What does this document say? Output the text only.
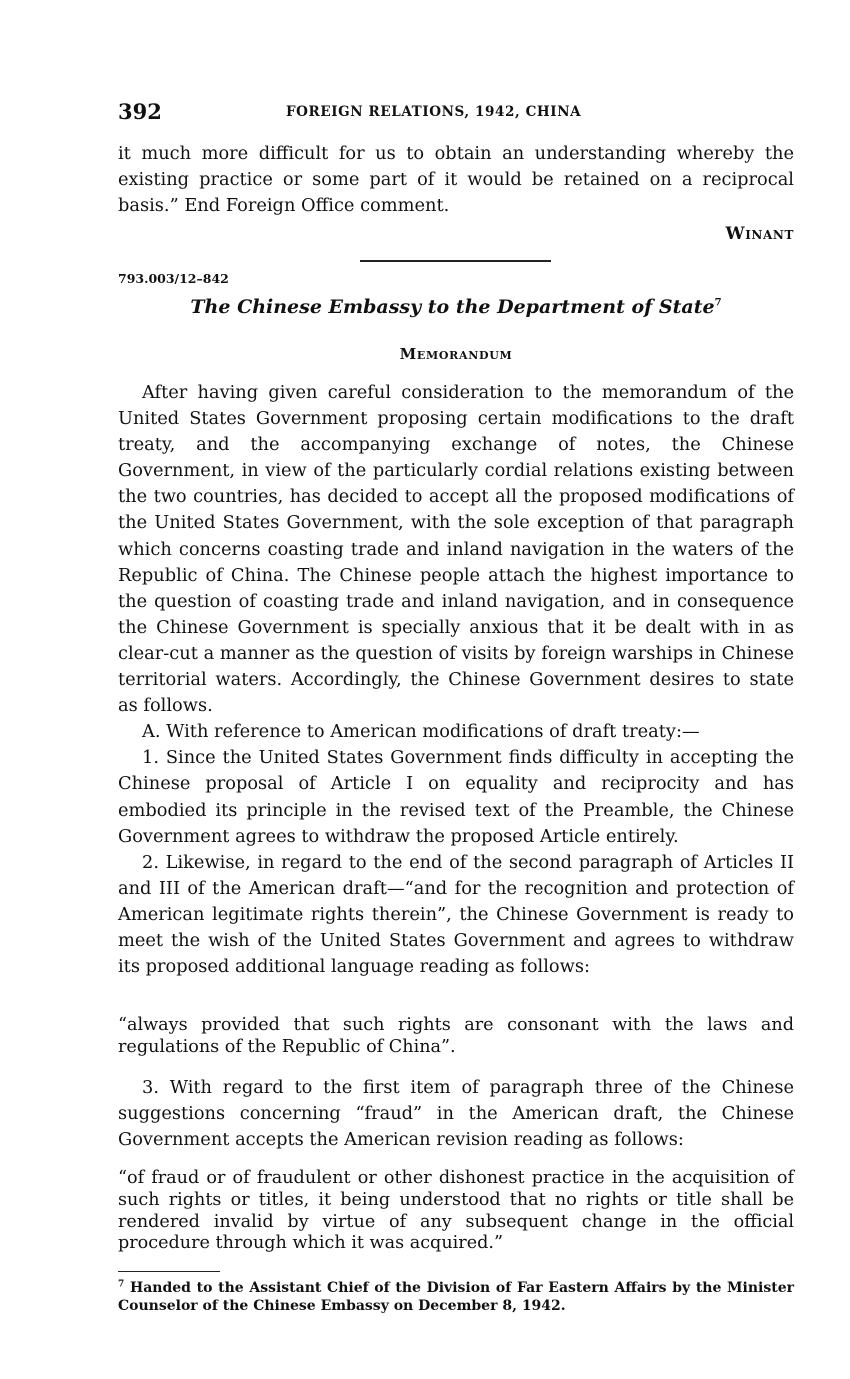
392	FOREIGN RELATIONS, 1942, CHINA

it much more difficult for us to obtain an understanding whereby the existing practice or some part of it would be retained on a reciprocal basis.” End Foreign Office comment.

Winant
793.003/12–842
The Chinese Embassy to the Department of State$^7$
Memorandum

After having given careful consideration to the memorandum of the United States Government proposing certain modifications to the draft treaty, and the accompanying exchange of notes, the Chinese Government, in view of the particularly cordial relations existing between the two countries, has decided to accept all the proposed modifications of the United States Government, with the sole exception of that paragraph which concerns coasting trade and inland navigation in the waters of the Republic of China. The Chinese people attach the highest importance to the question of coasting trade and inland navigation, and in consequence the Chinese Government is specially anxious that it be dealt with in as clear-cut a manner as the question of visits by foreign warships in Chinese territorial waters. Accordingly, the Chinese Government desires to state as follows.

A. With reference to American modifications of draft treaty:—

1. Since the United States Government finds difficulty in accepting the Chinese proposal of Article I on equality and reciprocity and has embodied its principle in the revised text of the Preamble, the Chinese Government agrees to withdraw the proposed Article entirely.

2. Likewise, in regard to the end of the second paragraph of Articles II and III of the American draft—“and for the recognition and protection of American legitimate rights therein”, the Chinese Government is ready to meet the wish of the United States Government and agrees to withdraw its proposed additional language reading as follows:

“always provided that such rights are consonant with the laws and regulations of the Republic of China”.

3. With regard to the first item of paragraph three of the Chinese suggestions concerning “fraud” in the American draft, the Chinese Government accepts the American revision reading as follows:

“of fraud or of fraudulent or other dishonest practice in the acquisition of such rights or titles, it being understood that no rights or title shall be rendered invalid by virtue of any subsequent change in the official procedure through which it was acquired.”

$^7$ Handed to the Assistant Chief of the Division of Far Eastern Affairs by the Minister Counselor of the Chinese Embassy on December 8, 1942.
